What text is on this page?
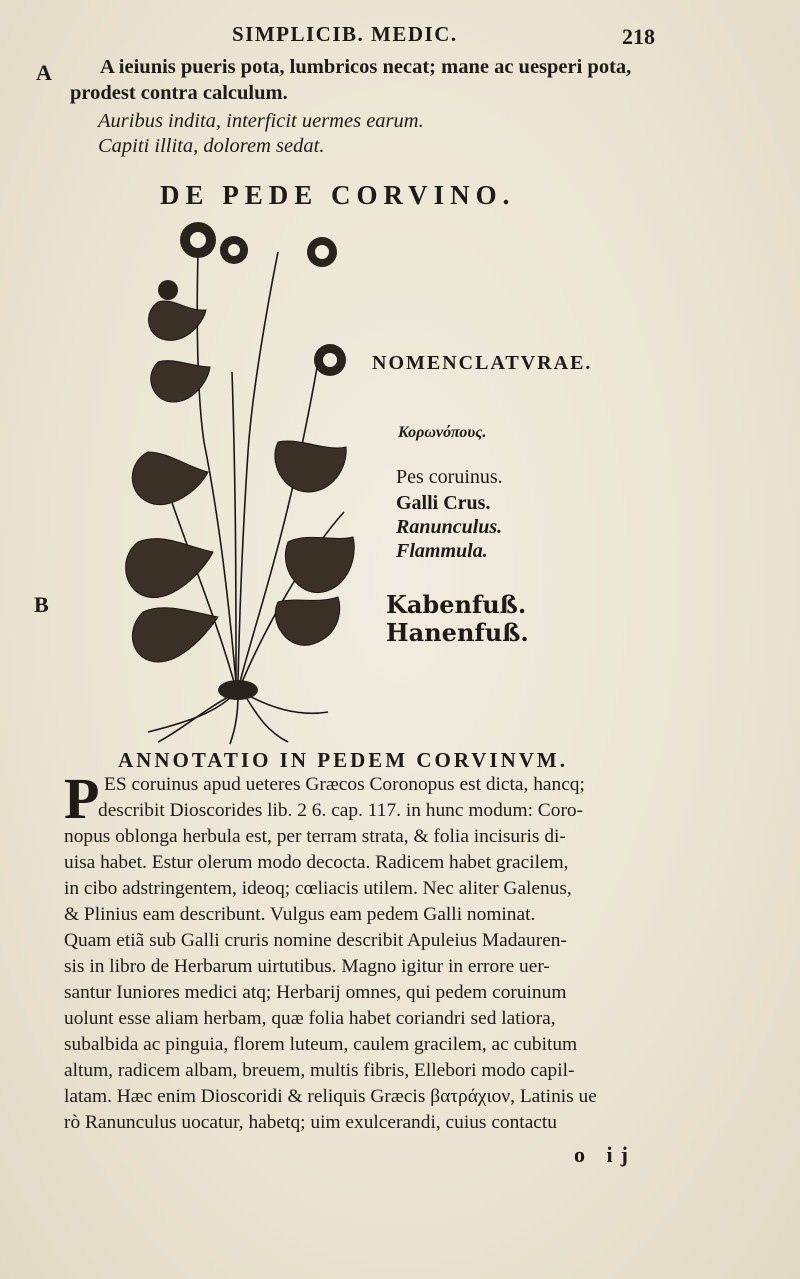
SIMPLICIB. MEDIC.	218
A
B
A ieiunis pueris pota, lumbricos necat; mane ac uesperi pota,
prodest contra calculum.
Auribus indita, interficit uermes earum.
Capiti illita, dolorem sedat.
DE PEDE CORVINO.
NOMENCLATVRAE.
Κορωνόπους.
Pes coruinus.
Galli Crus.
Ranunculus.
Flammula.
Kabenfuß.
Hanenfuß.
ANNOTATIO IN PEDEM CORVINVM.
P ES coruinus apud ueteres Græcos Coronopus est dicta, hancq;
describit Dioscorides lib. 2 6. cap. 117. in hunc modum: Coro-
nopus oblonga herbula est, per terram strata, & folia incisuris di-
uisa habet. Estur olerum modo decocta. Radicem habet gracilem,
in cibo adstringentem, ideoq; cœliacis utilem. Nec aliter Galenus,
& Plinius eam describunt. Vulgus eam pedem Galli nominat.
Quam etiã sub Galli cruris nomine describit Apuleius Madauren-
sis in libro de Herbarum uirtutibus. Magno igitur in errore uer-
santur Iuniores medici atq; Herbarij omnes, qui pedem coruinum
uolunt esse aliam herbam, quæ folia habet coriandri sed latiora,
subalbida ac pinguia, florem luteum, caulem gracilem, ac cubitum
altum, radicem albam, breuem, multis fibris, Ellebori modo capil-
latam. Hæc enim Dioscoridi & reliquis Græcis βατράχιον, Latinis ue
rò Ranunculus uocatur, habetq; uim exulcerandi, cuius contactu
o ij
